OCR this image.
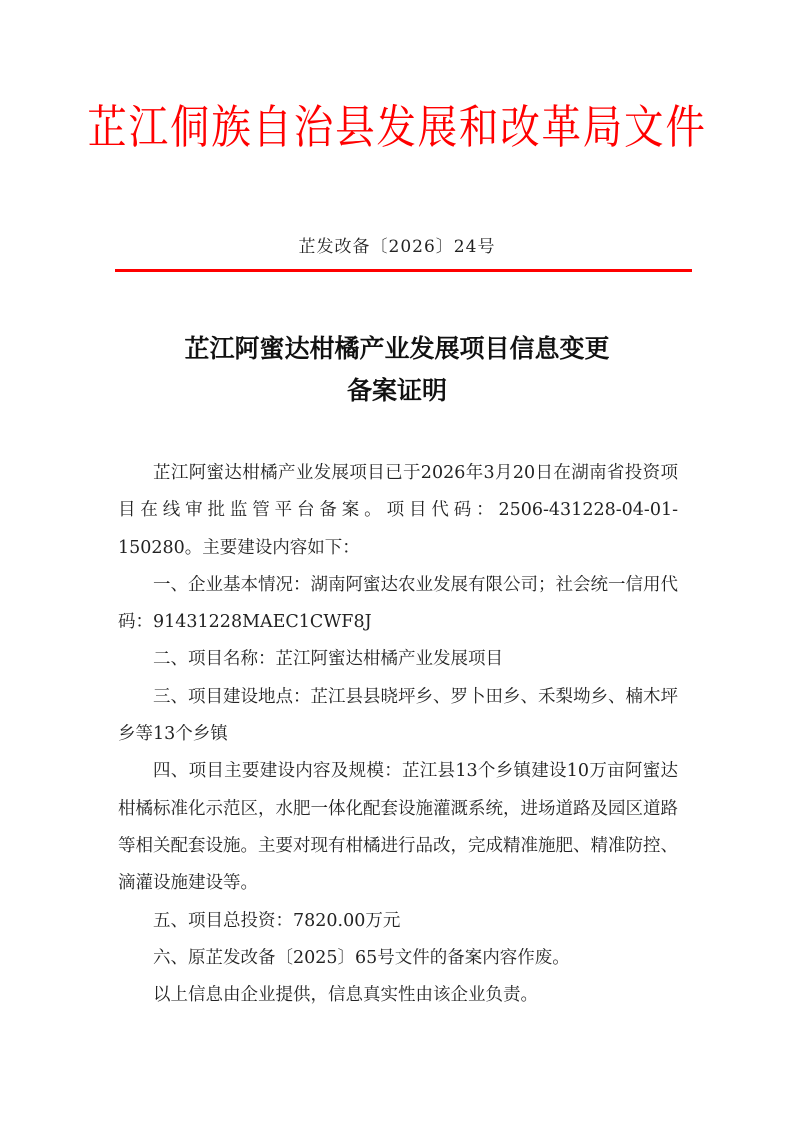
芷江侗族自治县发展和改革局文件
芷发改备〔2026〕24号
芷江阿蜜达柑橘产业发展项目信息变更
备案证明

芷江阿蜜达柑橘产业发展项目已于2026年3月20日在湖南省投资项目在线审批监管平台备案。项目代码：2506-431228-04-01-150280。主要建设内容如下：

一、企业基本情况：湖南阿蜜达农业发展有限公司；社会统一信用代码：91431228MAEC1CWF8J

二、项目名称：芷江阿蜜达柑橘产业发展项目

三、项目建设地点：芷江县县晓坪乡、罗卜田乡、禾梨坳乡、楠木坪乡等13个乡镇

四、项目主要建设内容及规模：芷江县13个乡镇建设10万亩阿蜜达柑橘标准化示范区，水肥一体化配套设施灌溉系统，进场道路及园区道路等相关配套设施。主要对现有柑橘进行品改，完成精准施肥、精准防控、滴灌设施建设等。

五、项目总投资：7820.00万元

六、原芷发改备〔2025〕65号文件的备案内容作废。

以上信息由企业提供，信息真实性由该企业负责。
